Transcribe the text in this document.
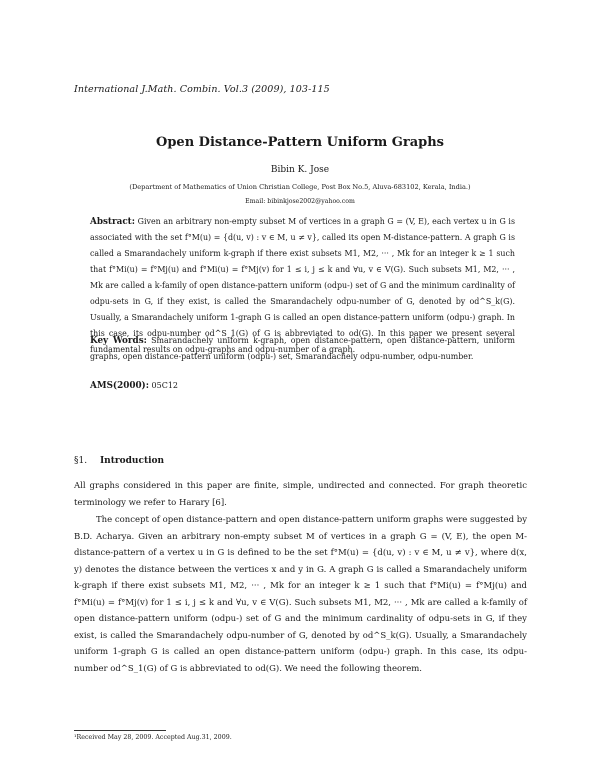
International J.Math. Combin. Vol.3 (2009), 103-115
Open Distance-Pattern Uniform Graphs
Bibin K. Jose
(Department of Mathematics of Union Christian College, Post Box No.5, Aluva-683102, Kerala, India.)
Email: bibinkjose2002@yahoo.com

Abstract: Given an arbitrary non-empty subset M of vertices in a graph G = (V, E), each vertex u in G is associated with the set f°M(u) = {d(u, v) : v ∈ M, u ≠ v}, called its open M-distance-pattern. A graph G is called a Smarandachely uniform k-graph if there exist subsets M1, M2, ··· , Mk for an integer k ≥ 1 such that f°Mi(u) = f°Mj(u) and f°Mi(u) = f°Mj(v) for 1 ≤ i, j ≤ k and ∀u, v ∈ V(G). Such subsets M1, M2, ··· , Mk are called a k-family of open distance-pattern uniform (odpu-) set of G and the minimum cardinality of odpu-sets in G, if they exist, is called the Smarandachely odpu-number of G, denoted by od^S_k(G). Usually, a Smarandachely uniform 1-graph G is called an open distance-pattern uniform (odpu-) graph. In this case, its odpu-number od^S_1(G) of G is abbreviated to od(G). In this paper we present several fundamental results on odpu-graphs and odpu-number of a graph.

Key Words: Smarandachely uniform k-graph, open distance-pattern, open distance-pattern, uniform graphs, open distance-pattern uniform (odpu-) set, Smarandachely odpu-number, odpu-number.

AMS(2000): 05C12
§1. Introduction

All graphs considered in this paper are finite, simple, undirected and connected. For graph theoretic terminology we refer to Harary [6].

The concept of open distance-pattern and open distance-pattern uniform graphs were suggested by B.D. Acharya. Given an arbitrary non-empty subset M of vertices in a graph G = (V, E), the open M-distance-pattern of a vertex u in G is defined to be the set f°M(u) = {d(u, v) : v ∈ M, u ≠ v}, where d(x, y) denotes the distance between the vertices x and y in G. A graph G is called a Smarandachely uniform k-graph if there exist subsets M1, M2, ··· , Mk for an integer k ≥ 1 such that f°Mi(u) = f°Mj(u) and f°Mi(u) = f°Mj(v) for 1 ≤ i, j ≤ k and ∀u, v ∈ V(G). Such subsets M1, M2, ··· , Mk are called a k-family of open distance-pattern uniform (odpu-) set of G and the minimum cardinality of odpu-sets in G, if they exist, is called the Smarandachely odpu-number of G, denoted by od^S_k(G). Usually, a Smarandachely uniform 1-graph G is called an open distance-pattern uniform (odpu-) graph. In this case, its odpu-number od^S_1(G) of G is abbreviated to od(G). We need the following theorem.

¹Received May 28, 2009. Accepted Aug.31, 2009.
